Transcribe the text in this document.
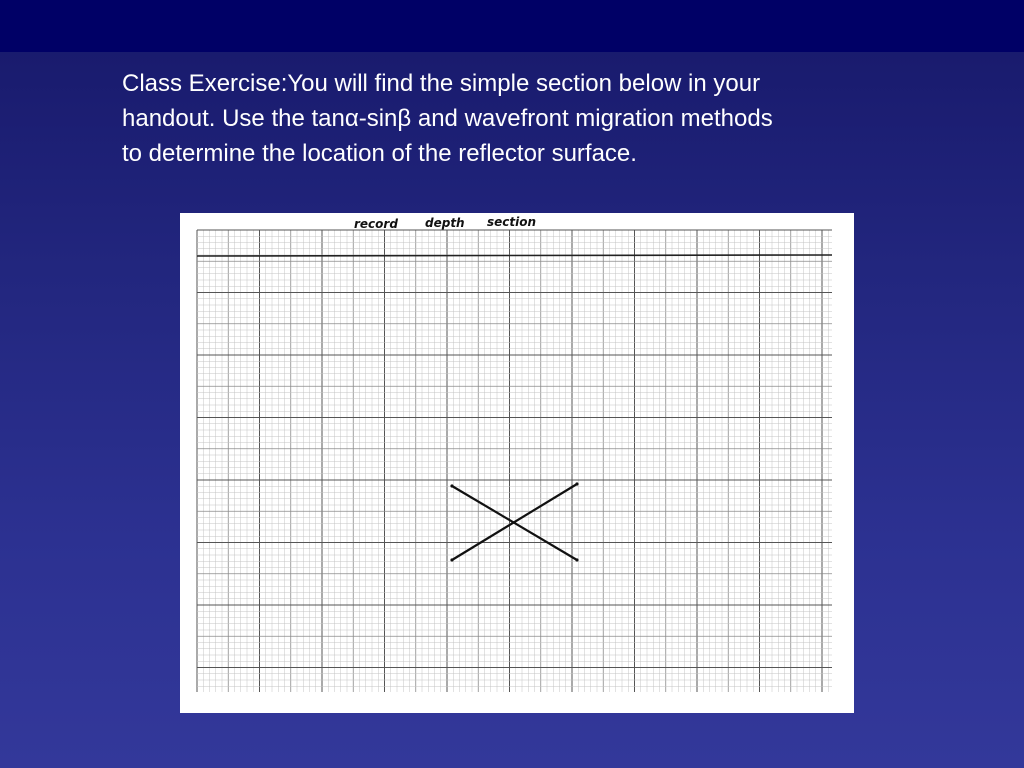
Class Exercise:You will find the simple section below in your
handout. Use the tanα-sinβ and wavefront migration methods
to determine the location of the reflector surface.
record depth section
